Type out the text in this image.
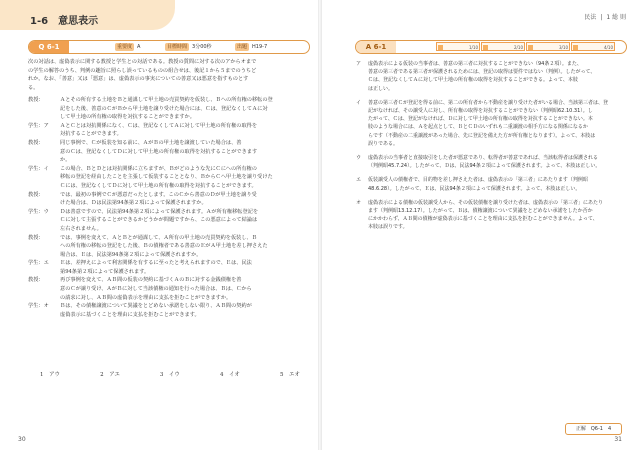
1-6　意思表示
Q 6-1	重要度 A	目標時間 3分00秒	出題 H19-7
次の対話は、虚偽表示に関する教授と学生との対話である。教授の質問に対する次のアからオまで
の学生の解答のうち、判例の趣旨に照らし誤っているものの組合せは、後記１から５までのうちど
れか。なお、「善意」又は「悪意」は、虚偽表示の事実についての善意又は悪意を指すものとす
る。
教授：	Ａとその所有する土地をＢと通謀して甲土地の売買契約を仮装し、Ｂへの所有権の移転の登
記をした後、善意のＣがＢから甲土地を譲り受けた場合には、Ｃは、登記なくしてＡに対
して甲土地の所有権の取得を対抗することができますか。
学生：ア	ＡとＣとは対抗関係になく、Ｃは、登記なくしてＡに対して甲土地の所有権の取得を
対抗することができます。
教授：	同じ事例で、Ｃが仮装を知る前に、ＡがＢの甲土地を譲渡していた場合は、善
意のＣは、登記なくしてＤに対して甲土地の所有権の取得を対抗することができます
か。
学生：イ	この場合、ＢとＤとは対抗関係に立ちますが、Ｂがどのような先にＣにへの所有権の
移転の登記を経由したことを主張して仮装することとなり、ＢからＣへ甲土地を譲り受けた
Ｃには、登記なくしてＤに対して甲土地の所有権の取得を対抗することができます。
教授：	では、最初の事例でＣが悪意だったとします。このＣから善意のＤが甲土地を譲り受
けた場合は、Ｄは民法第94条第２項によって保護されますか。
学生：ウ	Ｄは善意ですので、民法第94条第２項によって保護されます。Ａが所有権移転登記を
Ｃに対して主張することができるかどうかが問題ですから、この悪意によって結論は
左右されません。
教授：	では、事例を変えて、ＡとＢとが通謀して、Ａ所有の甲土地の売買契約を仮装し、Ｂ
への所有権の移転の登記をした後、Ｂの債権者である善意のＥがＡ甲土地を差し押さえた
場合は、Ｅは、民法第94条第２項によって保護されますか。
学生：エ	Ｅは、差押えによって利害関係を有するに至ったと考えられますので、Ｅは、民法
第94条第２項によって保護されます。
教授：	再び事例を変えて、ＡＢ間の仮装の契約に基づくＡのＢに対する金銭債権を善
意のＣが譲り受け、ＡがＢに対して当該債権の通知を行った場合は、Ｂは、Ｃから
の請求に対し、ＡＢ間の虚偽表示を理由に支払を拒むことができますか。
学生：オ	Ｂは、その債権譲渡について異議をとどめない承諾をしない限り、ＡＢ間の契約が
虚偽表示に基づくことを理由に支払を拒むことができます。
1　アウ	2　アエ	3　イウ	4　イオ	5　エオ
30
民法 | 1 総 則
A 6-1	1/10	2/10	3/10	4/10
ア	虚偽表示による仮装の当事者は、善意の第三者に対抗することができない（94条２項）。また、
善意の第三者である第三者が保護されるためには、登記の取得は要件ではない（判例）。したがって、
Ｃは、登記なくしてＡに対して甲土地の所有権の取得を対抗することができる。よって、本肢
は正しい。
イ	善意の第三者Ｃが登記を得る前に、第二の所有者から不動産を譲り受けた者がいる場合、当該第三者は、登
記がなければ、その譲受人に対し、所有権の取得を対抗することができない（判例昭62.10.31）。し
たがって、Ｃは、登記がなければ、Ｄに対して甲土地の所有権の取得を対抗することができない。本
肢のような場合には、Ａを起点として、ＢとＣＤのいずれも二重譲渡の相手方になる関係になるか
らです（不動産の二重譲渡があった場合、先に登記を備えた方が所有権となります）。よって、本肢は
誤りである。
ウ	虚偽表示の当事者と直接取引をした者が悪意であり、転得者が善意であれば、当該転得者は保護される
（判例昭45.7.24）。したがって、Ｄは、民法94条２項によって保護されます。よって、本肢は正しい。
エ	仮装譲受人の債権者で、目的物を差し押さえた者は、虚偽表示の「第三者」にあたります（判例昭
48.6.28）。したがって、Ｅは、民法94条２項によって保護されます。よって、本肢は正しい。
オ	虚偽表示による債権の仮装譲受人から、その仮装債権を譲り受けた者は、虚偽表示の「第三者」にあたり
ます（判例昭13.12.17）。したがって、Ｂは、債権譲渡について異議をとどめない承諾をしたか否か
にかかわらず、ＡＢ間の債権が虚偽表示に基づくことを理由に支払を拒むことができません。よって、
本肢は誤りです。
正解　Q6-1　4
31
